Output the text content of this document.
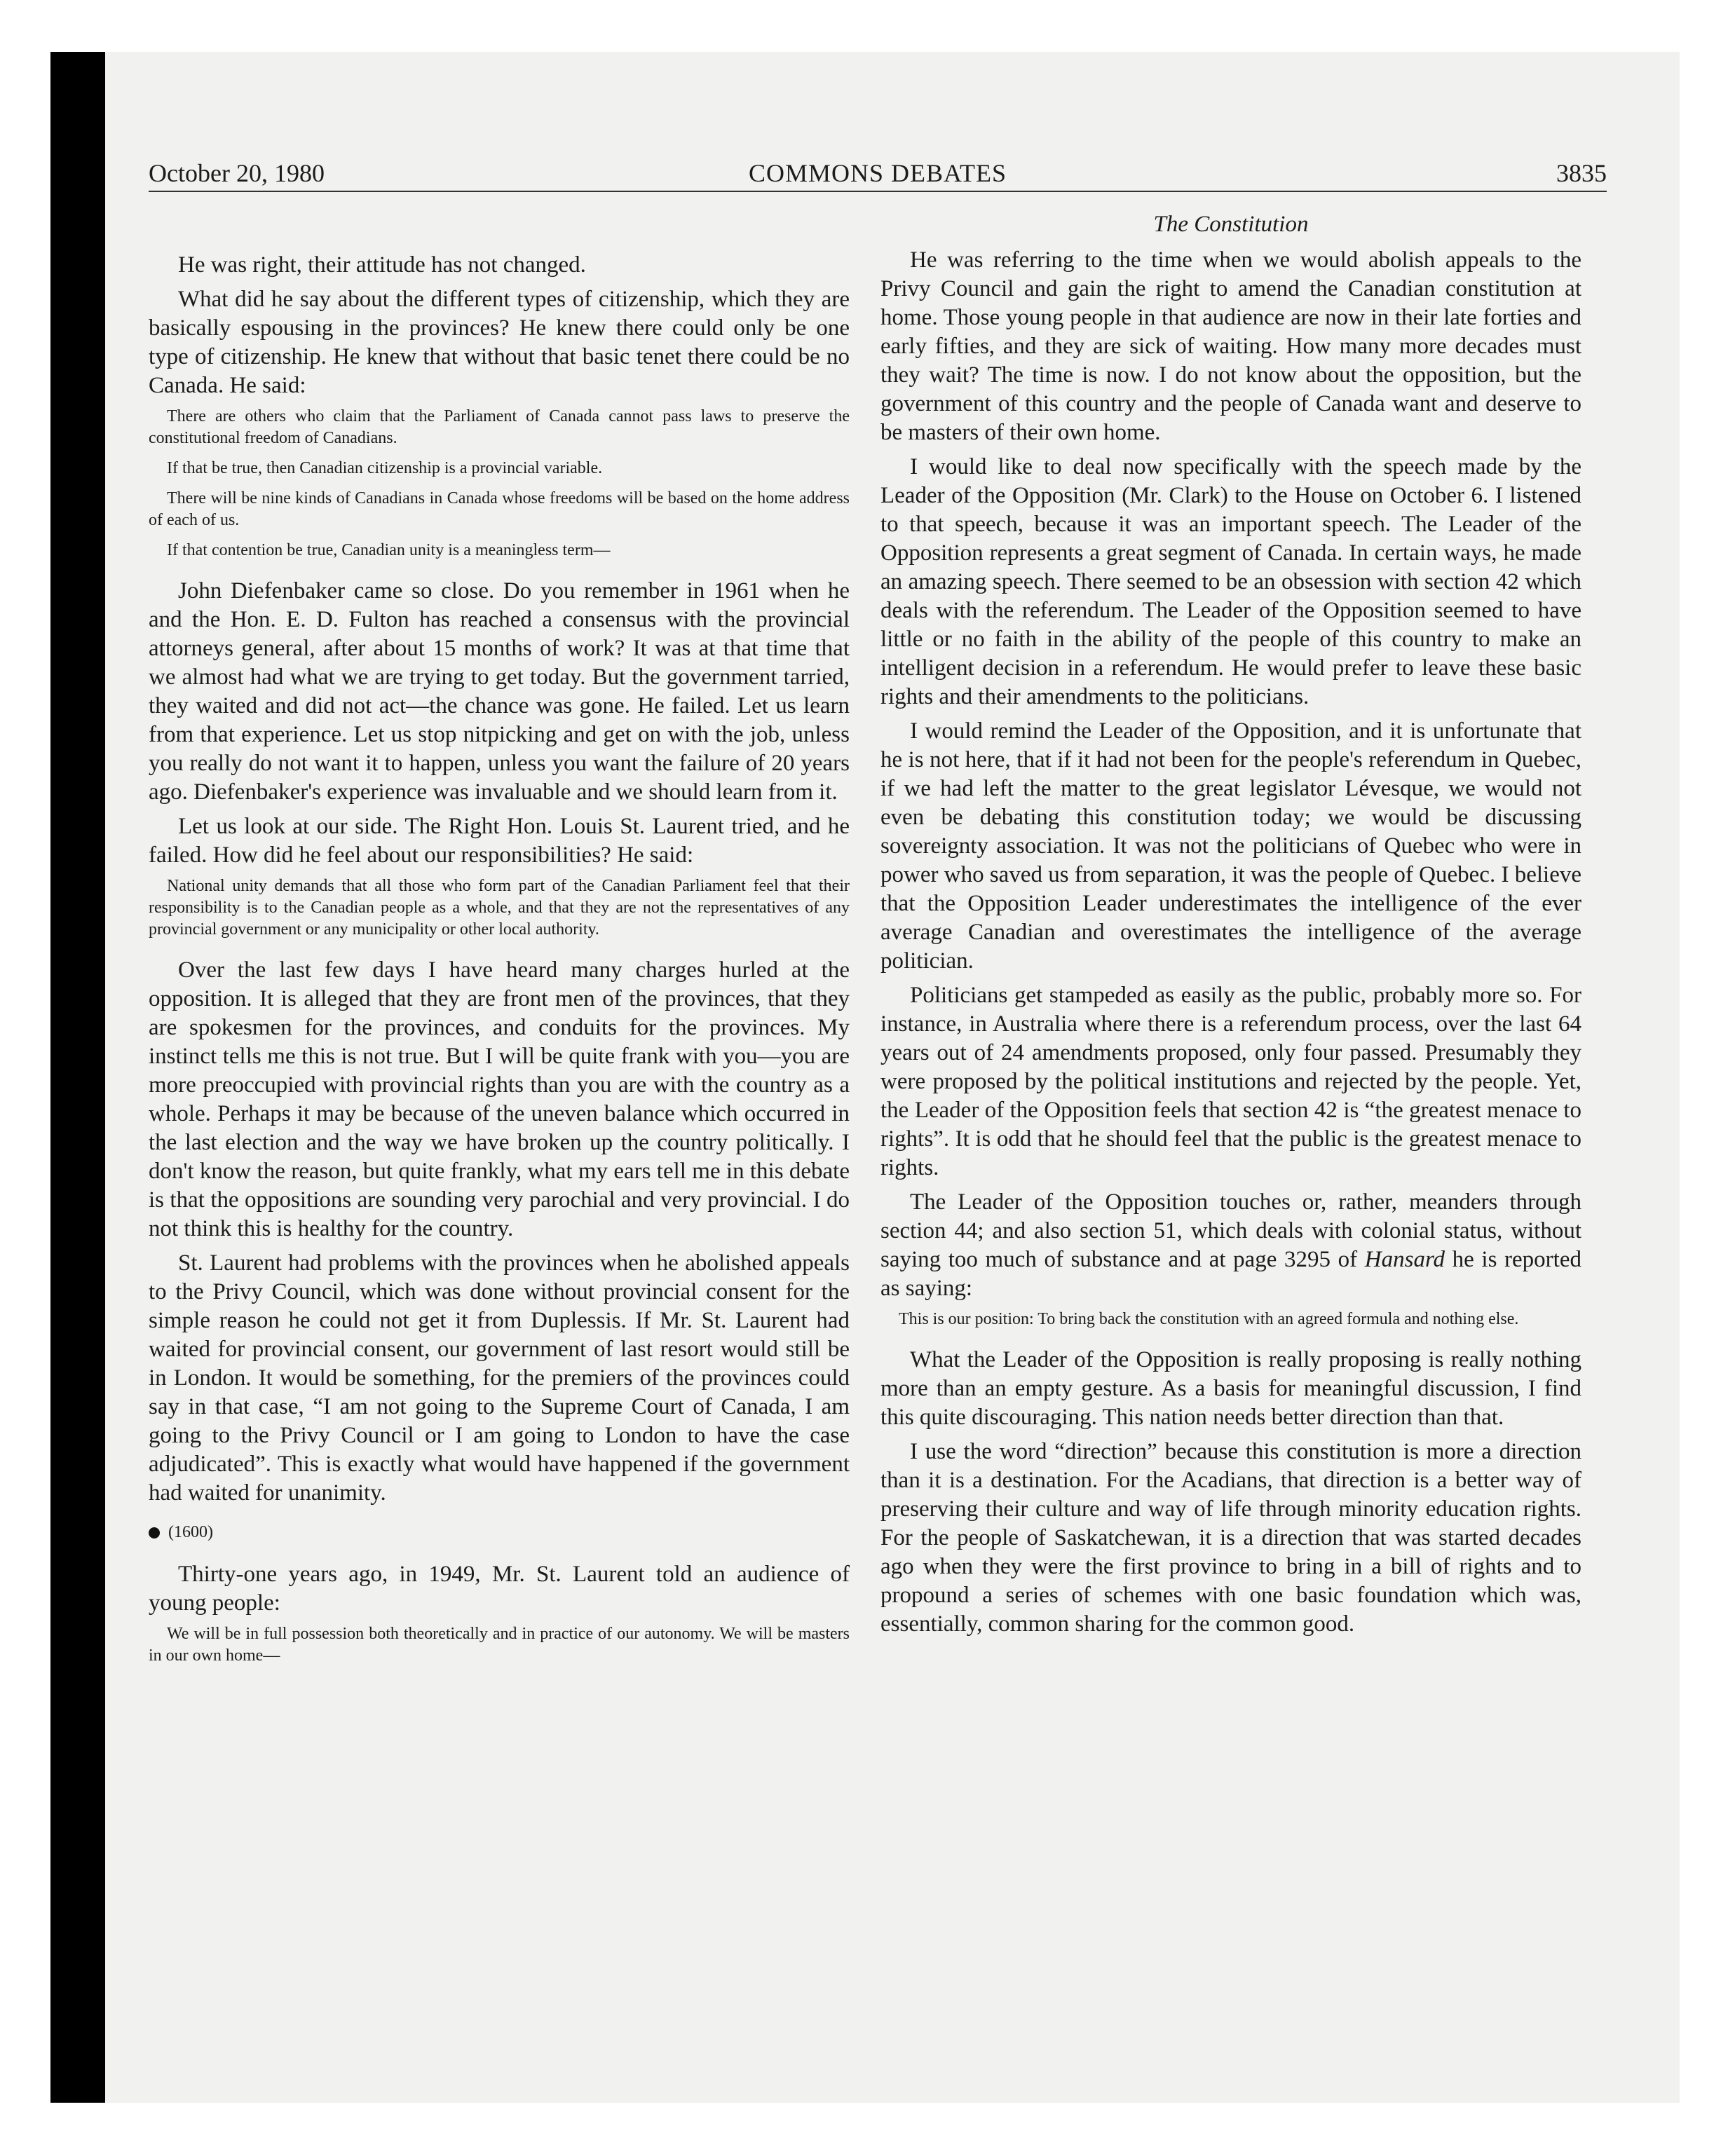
October 20, 1980	COMMONS DEBATES	3835

He was right, their attitude has not changed.

What did he say about the different types of citizenship, which they are basically espousing in the provinces? He knew there could only be one type of citizenship. He knew that without that basic tenet there could be no Canada. He said:

There are others who claim that the Parliament of Canada cannot pass laws to preserve the constitutional freedom of Canadians.

If that be true, then Canadian citizenship is a provincial variable.

There will be nine kinds of Canadians in Canada whose freedoms will be based on the home address of each of us.

If that contention be true, Canadian unity is a meaningless term—

John Diefenbaker came so close. Do you remember in 1961 when he and the Hon. E. D. Fulton has reached a consensus with the provincial attorneys general, after about 15 months of work? It was at that time that we almost had what we are trying to get today. But the government tarried, they waited and did not act—the chance was gone. He failed. Let us learn from that experience. Let us stop nitpicking and get on with the job, unless you really do not want it to happen, unless you want the failure of 20 years ago. Diefenbaker's experience was invaluable and we should learn from it.

Let us look at our side. The Right Hon. Louis St. Laurent tried, and he failed. How did he feel about our responsibilities? He said:

National unity demands that all those who form part of the Canadian Parliament feel that their responsibility is to the Canadian people as a whole, and that they are not the representatives of any provincial government or any municipality or other local authority.

Over the last few days I have heard many charges hurled at the opposition. It is alleged that they are front men of the provinces, that they are spokesmen for the provinces, and conduits for the provinces. My instinct tells me this is not true. But I will be quite frank with you—you are more preoccupied with provincial rights than you are with the country as a whole. Perhaps it may be because of the uneven balance which occurred in the last election and the way we have broken up the country politically. I don't know the reason, but quite frankly, what my ears tell me in this debate is that the oppositions are sounding very parochial and very provincial. I do not think this is healthy for the country.

St. Laurent had problems with the provinces when he abolished appeals to the Privy Council, which was done without provincial consent for the simple reason he could not get it from Duplessis. If Mr. St. Laurent had waited for provincial consent, our government of last resort would still be in London. It would be something, for the premiers of the provinces could say in that case, “I am not going to the Supreme Court of Canada, I am going to the Privy Council or I am going to London to have the case adjudicated”. This is exactly what would have happened if the government had waited for unanimity.

(1600)

Thirty-one years ago, in 1949, Mr. St. Laurent told an audience of young people:

We will be in full possession both theoretically and in practice of our autonomy. We will be masters in our own home—

The Constitution

He was referring to the time when we would abolish appeals to the Privy Council and gain the right to amend the Canadian constitution at home. Those young people in that audience are now in their late forties and early fifties, and they are sick of waiting. How many more decades must they wait? The time is now. I do not know about the opposition, but the government of this country and the people of Canada want and deserve to be masters of their own home.

I would like to deal now specifically with the speech made by the Leader of the Opposition (Mr. Clark) to the House on October 6. I listened to that speech, because it was an important speech. The Leader of the Opposition represents a great segment of Canada. In certain ways, he made an amazing speech. There seemed to be an obsession with section 42 which deals with the referendum. The Leader of the Opposition seemed to have little or no faith in the ability of the people of this country to make an intelligent decision in a referendum. He would prefer to leave these basic rights and their amendments to the politicians.

I would remind the Leader of the Opposition, and it is unfortunate that he is not here, that if it had not been for the people's referendum in Quebec, if we had left the matter to the great legislator Lévesque, we would not even be debating this constitution today; we would be discussing sovereignty association. It was not the politicians of Quebec who were in power who saved us from separation, it was the people of Quebec. I believe that the Opposition Leader underestimates the intelligence of the ever average Canadian and overestimates the intelligence of the average politician.

Politicians get stampeded as easily as the public, probably more so. For instance, in Australia where there is a referendum process, over the last 64 years out of 24 amendments proposed, only four passed. Presumably they were proposed by the political institutions and rejected by the people. Yet, the Leader of the Opposition feels that section 42 is “the greatest menace to rights”. It is odd that he should feel that the public is the greatest menace to rights.

The Leader of the Opposition touches or, rather, meanders through section 44; and also section 51, which deals with colonial status, without saying too much of substance and at page 3295 of Hansard he is reported as saying:

This is our position: To bring back the constitution with an agreed formula and nothing else.

What the Leader of the Opposition is really proposing is really nothing more than an empty gesture. As a basis for meaningful discussion, I find this quite discouraging. This nation needs better direction than that.

I use the word “direction” because this constitution is more a direction than it is a destination. For the Acadians, that direction is a better way of preserving their culture and way of life through minority education rights. For the people of Saskatchewan, it is a direction that was started decades ago when they were the first province to bring in a bill of rights and to propound a series of schemes with one basic foundation which was, essentially, common sharing for the common good.
